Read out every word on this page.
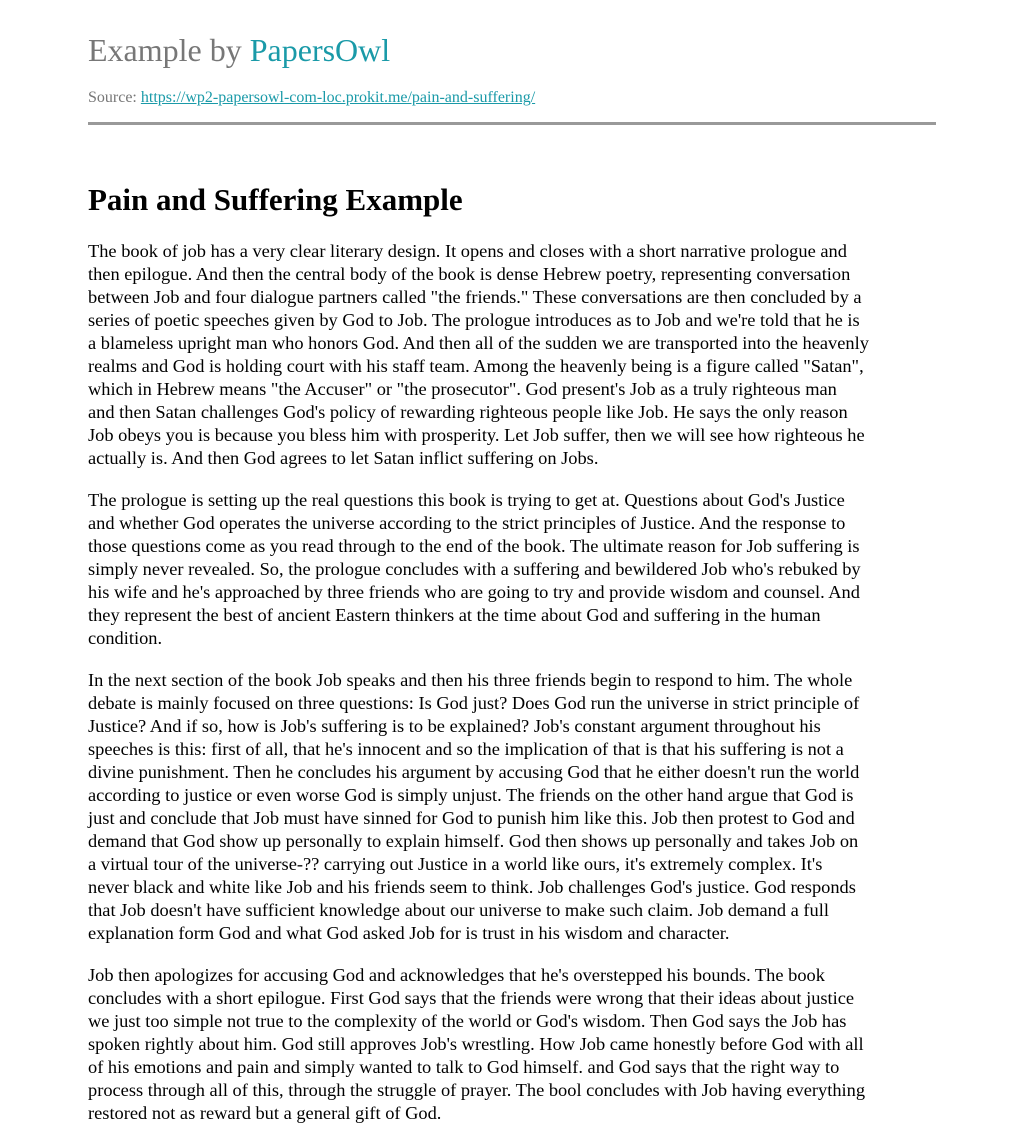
Example by PapersOwl
Source: https://wp2-papersowl-com-loc.prokit.me/pain-and-suffering/
Pain and Suffering Example

The book of job has a very clear literary design. It opens and closes with a short narrative prologue and
then epilogue. And then the central body of the book is dense Hebrew poetry, representing conversation
between Job and four dialogue partners called "the friends." These conversations are then concluded by a
series of poetic speeches given by God to Job. The prologue introduces as to Job and we're told that he is
a blameless upright man who honors God. And then all of the sudden we are transported into the heavenly
realms and God is holding court with his staff team. Among the heavenly being is a figure called "Satan",
which in Hebrew means "the Accuser" or "the prosecutor". God present's Job as a truly righteous man
and then Satan challenges God's policy of rewarding righteous people like Job. He says the only reason
Job obeys you is because you bless him with prosperity. Let Job suffer, then we will see how righteous he
actually is. And then God agrees to let Satan inflict suffering on Jobs.

The prologue is setting up the real questions this book is trying to get at. Questions about God's Justice
and whether God operates the universe according to the strict principles of Justice. And the response to
those questions come as you read through to the end of the book. The ultimate reason for Job suffering is
simply never revealed. So, the prologue concludes with a suffering and bewildered Job who's rebuked by
his wife and he's approached by three friends who are going to try and provide wisdom and counsel. And
they represent the best of ancient Eastern thinkers at the time about God and suffering in the human
condition.

In the next section of the book Job speaks and then his three friends begin to respond to him. The whole
debate is mainly focused on three questions: Is God just? Does God run the universe in strict principle of
Justice? And if so, how is Job's suffering is to be explained? Job's constant argument throughout his
speeches is this: first of all, that he's innocent and so the implication of that is that his suffering is not a
divine punishment. Then he concludes his argument by accusing God that he either doesn't run the world
according to justice or even worse God is simply unjust. The friends on the other hand argue that God is
just and conclude that Job must have sinned for God to punish him like this. Job then protest to God and
demand that God show up personally to explain himself. God then shows up personally and takes Job on
a virtual tour of the universe-?? carrying out Justice in a world like ours, it's extremely complex. It's
never black and white like Job and his friends seem to think. Job challenges God's justice. God responds
that Job doesn't have sufficient knowledge about our universe to make such claim. Job demand a full
explanation form God and what God asked Job for is trust in his wisdom and character.

Job then apologizes for accusing God and acknowledges that he's overstepped his bounds. The book
concludes with a short epilogue. First God says that the friends were wrong that their ideas about justice
we just too simple not true to the complexity of the world or God's wisdom. Then God says the Job has
spoken rightly about him. God still approves Job's wrestling. How Job came honestly before God with all
of his emotions and pain and simply wanted to talk to God himself. and God says that the right way to
process through all of this, through the struggle of prayer. The bool concludes with Job having everything
restored not as reward but a general gift of God.
